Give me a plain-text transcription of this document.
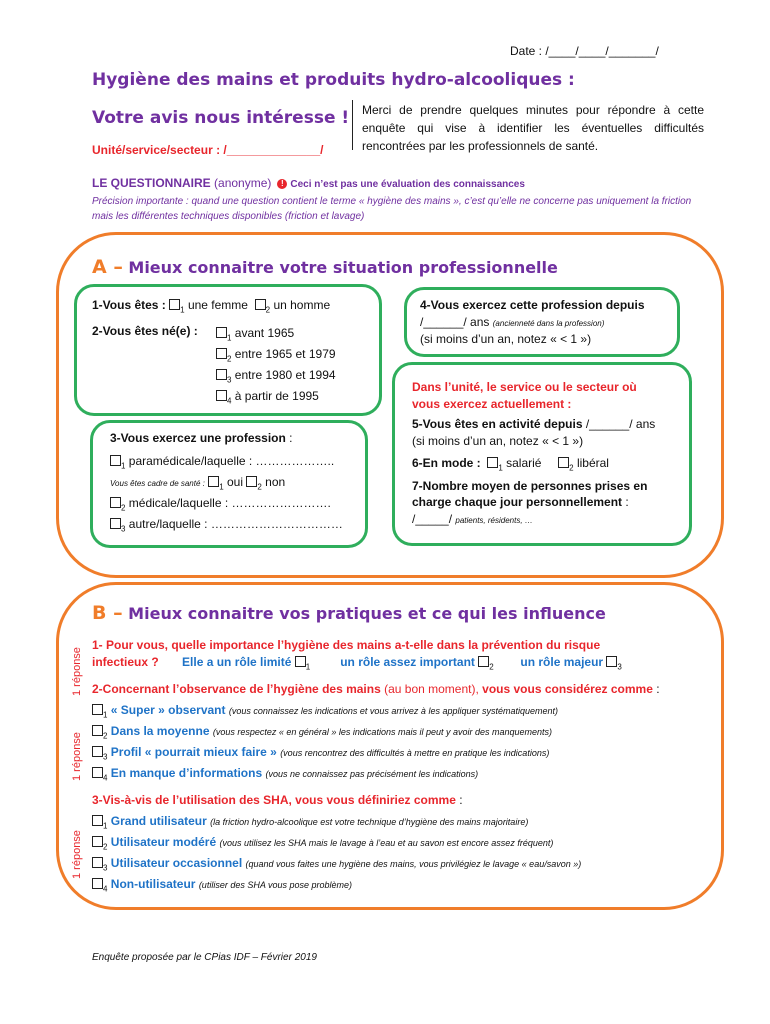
Date : /____/____/_______/
Hygiène des mains et produits hydro-alcooliques :
Votre avis nous intéresse !
Unité/service/secteur : /______________/
Merci de prendre quelques minutes pour répondre à cette enquête qui vise à identifier les éventuelles difficultés rencontrées par les professionnels de santé.
LE QUESTIONNAIRE (anonyme) ! Ceci n’est pas une évaluation des connaissances
Précision importante : quand une question contient le terme « hygiène des mains », c’est qu’elle ne concerne pas uniquement la friction mais les différentes techniques disponibles (friction et lavage)
A – Mieux connaitre votre situation professionnelle
1-Vous êtes : $_1$ une femme $_2$ un homme
2-Vous êtes né(e) :	$_1$ avant 1965
$_2$ entre 1965 et 1979
$_3$ entre 1980 et 1994
$_4$ à partir de 1995
3-Vous exercez une profession :
$_1$ paramédicale/laquelle : ………………..
Vous êtes cadre de santé : $_1$ oui $_2$ non
$_2$ médicale/laquelle : …………………….
$_3$ autre/laquelle : ……………………………
4-Vous exercez cette profession depuis
/______/ ans (ancienneté dans la profession)
(si moins d’un an, notez « < 1 »)
Dans l’unité, le service ou le secteur où
vous exercez actuellement :
5-Vous êtes en activité depuis /______/ ans
(si moins d’un an, notez « < 1 »)
6-En mode : $_1$ salarié	$_2$ libéral
7-Nombre moyen de personnes prises en
charge chaque jour personnellement :
/_____/ patients, résidents, …
B – Mieux connaitre vos pratiques et ce qui les influence
1 réponse
1 réponse
1 réponse
1- Pour vous, quelle importance l’hygiène des mains a-t-elle dans la prévention du risque
infectieux ? Elle a un rôle limité $_1$	un rôle assez important $_2$ un rôle majeur $_3$
2-Concernant l’observance de l’hygiène des mains (au bon moment), vous vous considérez comme :
$_1$ « Super » observant (vous connaissez les indications et vous arrivez à les appliquer systématiquement)
$_2$ Dans la moyenne (vous respectez « en général » les indications mais il peut y avoir des manquements)
$_3$ Profil « pourrait mieux faire » (vous rencontrez des difficultés à mettre en pratique les indications)
$_4$ En manque d’informations (vous ne connaissez pas précisément les indications)
3-Vis-à-vis de l’utilisation des SHA, vous vous définiriez comme :
$_1$ Grand utilisateur (la friction hydro-alcoolique est votre technique d’hygiène des mains majoritaire)
$_2$ Utilisateur modéré (vous utilisez les SHA mais le lavage à l’eau et au savon est encore assez fréquent)
$_3$ Utilisateur occasionnel (quand vous faites une hygiène des mains, vous privilégiez le lavage « eau/savon »)
$_4$ Non-utilisateur (utiliser des SHA vous pose problème)
Enquête proposée par le CPias IDF – Février 2019
